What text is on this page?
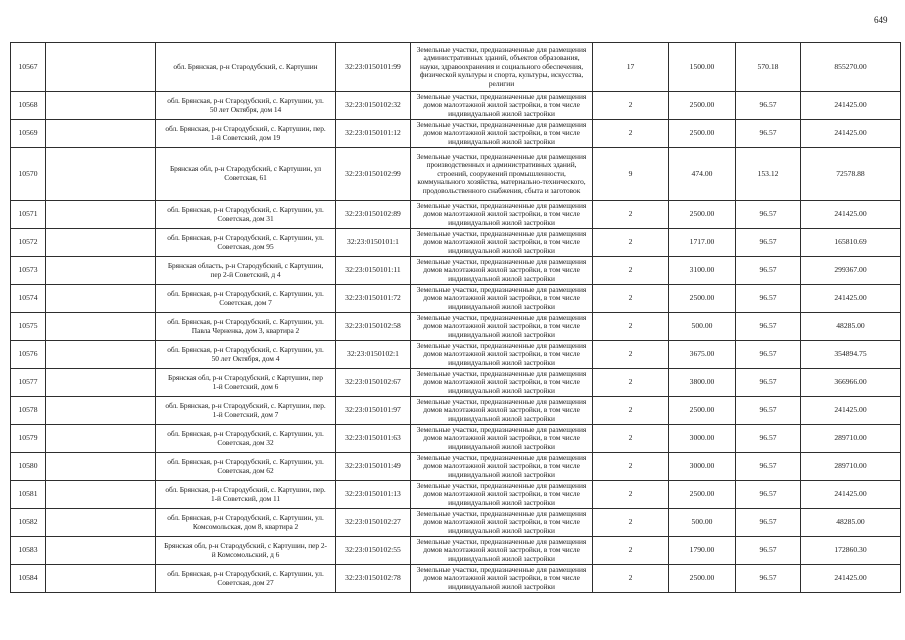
649
10567		обл. Брянская, р-н Стародубский, с. Картушин	32:23:0150101:99	Земельные участки, предназначенные для размещения
административных зданий, объектов образования,
науки, здравоохранения и социального обеспечения,
физической культуры и спорта, культуры, искусства,
религии	17	1500.00	570.18	855270.00
10568		обл. Брянская, р-н Стародубский, с. Картушин, ул.
50 лет Октября, дом 14	32:23:0150102:32	Земельные участки, предназначенные для размещения
домов малоэтажной жилой застройки, в том числе
индивидуальной жилой застройки	2	2500.00	96.57	241425.00
10569		обл. Брянская, р-н Стародубский, с. Картушин, пер.
1-й Советский, дом 19	32:23:0150101:12	Земельные участки, предназначенные для размещения
домов малоэтажной жилой застройки, в том числе
индивидуальной жилой застройки	2	2500.00	96.57	241425.00
10570		Брянская обл, р-н Стародубский, с Картушин, ул
Советская, 61	32:23:0150102:99	Земельные участки, предназначенные для размещения
производственных и административных зданий,
строений, сооружений промышленности,
коммунального хозяйства, материально-технического,
продовольственного снабжения, сбыта и заготовок	9	474.00	153.12	72578.88
10571		обл. Брянская, р-н Стародубский, с. Картушин, ул.
Советская, дом 31	32:23:0150102:89	Земельные участки, предназначенные для размещения
домов малоэтажной жилой застройки, в том числе
индивидуальной жилой застройки	2	2500.00	96.57	241425.00
10572		обл. Брянская, р-н Стародубский, с. Картушин, ул.
Советская, дом 95	32:23:0150101:1	Земельные участки, предназначенные для размещения
домов малоэтажной жилой застройки, в том числе
индивидуальной жилой застройки	2	1717.00	96.57	165810.69
10573		Брянская область, р-н Стародубский, с Картушин,
пер 2-й Советский, д 4	32:23:0150101:11	Земельные участки, предназначенные для размещения
домов малоэтажной жилой застройки, в том числе
индивидуальной жилой застройки	2	3100.00	96.57	299367.00
10574		обл. Брянская, р-н Стародубский, с. Картушин, ул.
Советская, дом 7	32:23:0150101:72	Земельные участки, предназначенные для размещения
домов малоэтажной жилой застройки, в том числе
индивидуальной жилой застройки	2	2500.00	96.57	241425.00
10575		обл. Брянская, р-н Стародубский, с. Картушин, ул.
Павла Черненка, дом 3, квартира 2	32:23:0150102:58	Земельные участки, предназначенные для размещения
домов малоэтажной жилой застройки, в том числе
индивидуальной жилой застройки	2	500.00	96.57	48285.00
10576		обл. Брянская, р-н Стародубский, с. Картушин, ул.
50 лет Октября, дом 4	32:23:0150102:1	Земельные участки, предназначенные для размещения
домов малоэтажной жилой застройки, в том числе
индивидуальной жилой застройки	2	3675.00	96.57	354894.75
10577		Брянская обл, р-н Стародубский, с Картушин, пер
1-й Советский, дом 6	32:23:0150102:67	Земельные участки, предназначенные для размещения
домов малоэтажной жилой застройки, в том числе
индивидуальной жилой застройки	2	3800.00	96.57	366966.00
10578		обл. Брянская, р-н Стародубский, с. Картушин, пер.
1-й Советский, дом 7	32:23:0150101:97	Земельные участки, предназначенные для размещения
домов малоэтажной жилой застройки, в том числе
индивидуальной жилой застройки	2	2500.00	96.57	241425.00
10579		обл. Брянская, р-н Стародубский, с. Картушин, ул.
Советская, дом 32	32:23:0150101:63	Земельные участки, предназначенные для размещения
домов малоэтажной жилой застройки, в том числе
индивидуальной жилой застройки	2	3000.00	96.57	289710.00
10580		обл. Брянская, р-н Стародубский, с. Картушин, ул.
Советская, дом 62	32:23:0150101:49	Земельные участки, предназначенные для размещения
домов малоэтажной жилой застройки, в том числе
индивидуальной жилой застройки	2	3000.00	96.57	289710.00
10581		обл. Брянская, р-н Стародубский, с. Картушин, пер.
1-й Советский, дом 11	32:23:0150101:13	Земельные участки, предназначенные для размещения
домов малоэтажной жилой застройки, в том числе
индивидуальной жилой застройки	2	2500.00	96.57	241425.00
10582		обл. Брянская, р-н Стародубский, с. Картушин, ул.
Комсомольская, дом 8, квартира 2	32:23:0150102:27	Земельные участки, предназначенные для размещения
домов малоэтажной жилой застройки, в том числе
индивидуальной жилой застройки	2	500.00	96.57	48285.00
10583		Брянская обл, р-н Стародубский, с Картушин, пер 2-
й Комсомольский, д 6	32:23:0150102:55	Земельные участки, предназначенные для размещения
домов малоэтажной жилой застройки, в том числе
индивидуальной жилой застройки	2	1790.00	96.57	172860.30
10584		обл. Брянская, р-н Стародубский, с. Картушин, ул.
Советская, дом 27	32:23:0150102:78	Земельные участки, предназначенные для размещения
домов малоэтажной жилой застройки, в том числе
индивидуальной жилой застройки	2	2500.00	96.57	241425.00
